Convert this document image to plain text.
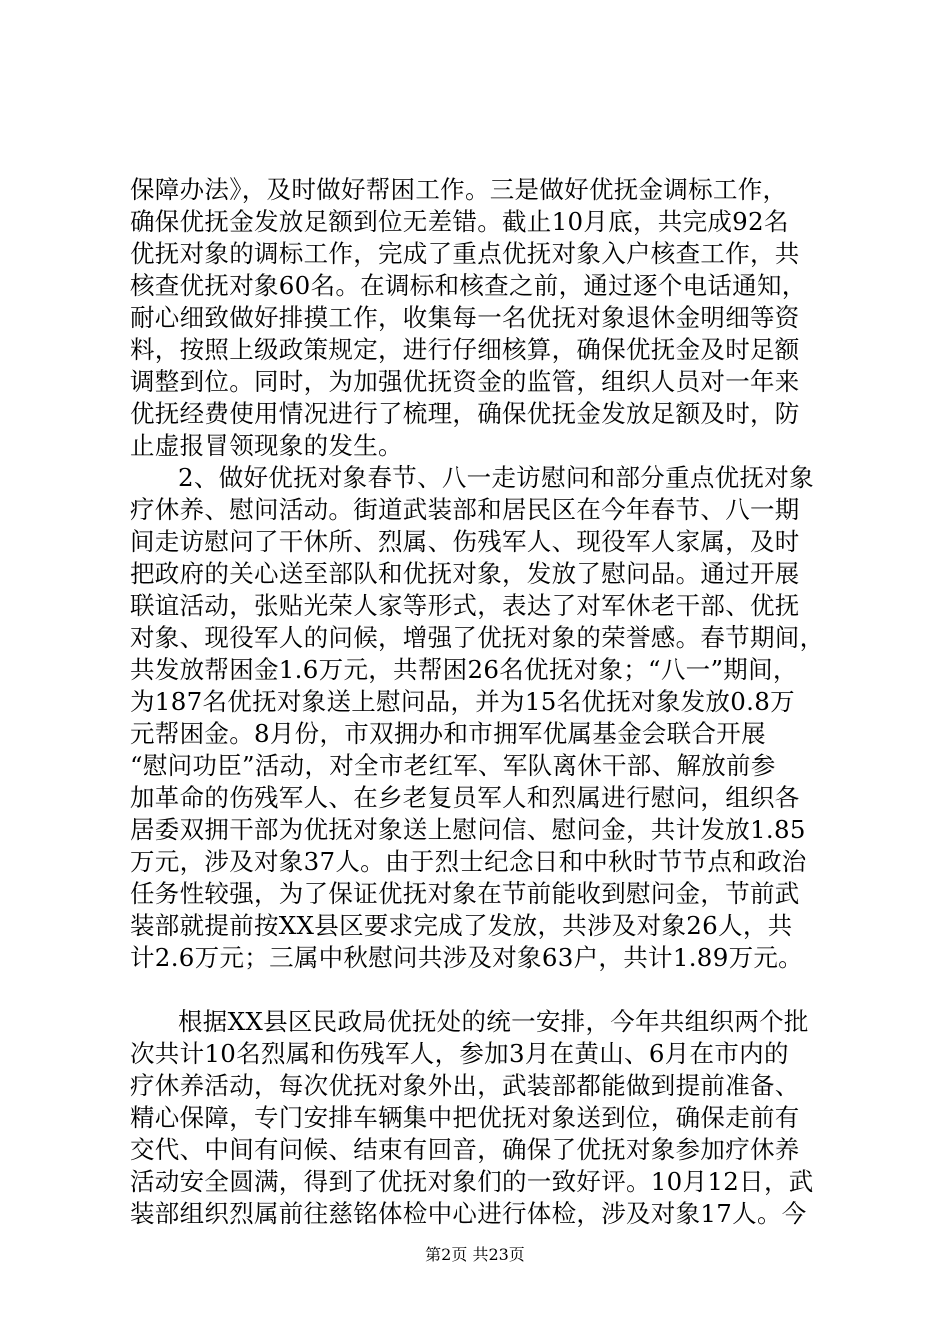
保障办法》，及时做好帮困工作。三是做好优抚金调标工作，
确保优抚金发放足额到位无差错。截止10月底，共完成92名
优抚对象的调标工作，完成了重点优抚对象入户核查工作，共
核查优抚对象60名。在调标和核查之前，通过逐个电话通知，
耐心细致做好排摸工作，收集每一名优抚对象退休金明细等资
料，按照上级政策规定，进行仔细核算，确保优抚金及时足额
调整到位。同时，为加强优抚资金的监管，组织人员对一年来
优抚经费使用情况进行了梳理，确保优抚金发放足额及时，防
止虚报冒领现象的发生。
2、做好优抚对象春节、八一走访慰问和部分重点优抚对象
疗休养、慰问活动。街道武装部和居民区在今年春节、八一期
间走访慰问了干休所、烈属、伤残军人、现役军人家属，及时
把政府的关心送至部队和优抚对象，发放了慰问品。通过开展
联谊活动，张贴光荣人家等形式，表达了对军休老干部、优抚
对象、现役军人的问候，增强了优抚对象的荣誉感。春节期间，
共发放帮困金1.6万元，共帮困26名优抚对象；“八一”期间，
为187名优抚对象送上慰问品，并为15名优抚对象发放0.8万
元帮困金。8月份，市双拥办和市拥军优属基金会联合开展
“慰问功臣”活动，对全市老红军、军队离休干部、解放前参
加革命的伤残军人、在乡老复员军人和烈属进行慰问，组织各
居委双拥干部为优抚对象送上慰问信、慰问金，共计发放1.85
万元，涉及对象37人。由于烈士纪念日和中秋时节节点和政治
任务性较强，为了保证优抚对象在节前能收到慰问金，节前武
装部就提前按XX县区要求完成了发放，共涉及对象26人，共
计2.6万元；三属中秋慰问共涉及对象63户，共计1.89万元。
根据XX县区民政局优抚处的统一安排，今年共组织两个批
次共计10名烈属和伤残军人，参加3月在黄山、6月在市内的
疗休养活动，每次优抚对象外出，武装部都能做到提前准备、
精心保障，专门安排车辆集中把优抚对象送到位，确保走前有
交代、中间有问候、结束有回音，确保了优抚对象参加疗休养
活动安全圆满，得到了优抚对象们的一致好评。10月12日，武
装部组织烈属前往慈铭体检中心进行体检，涉及对象17人。今
第2页 共23页
